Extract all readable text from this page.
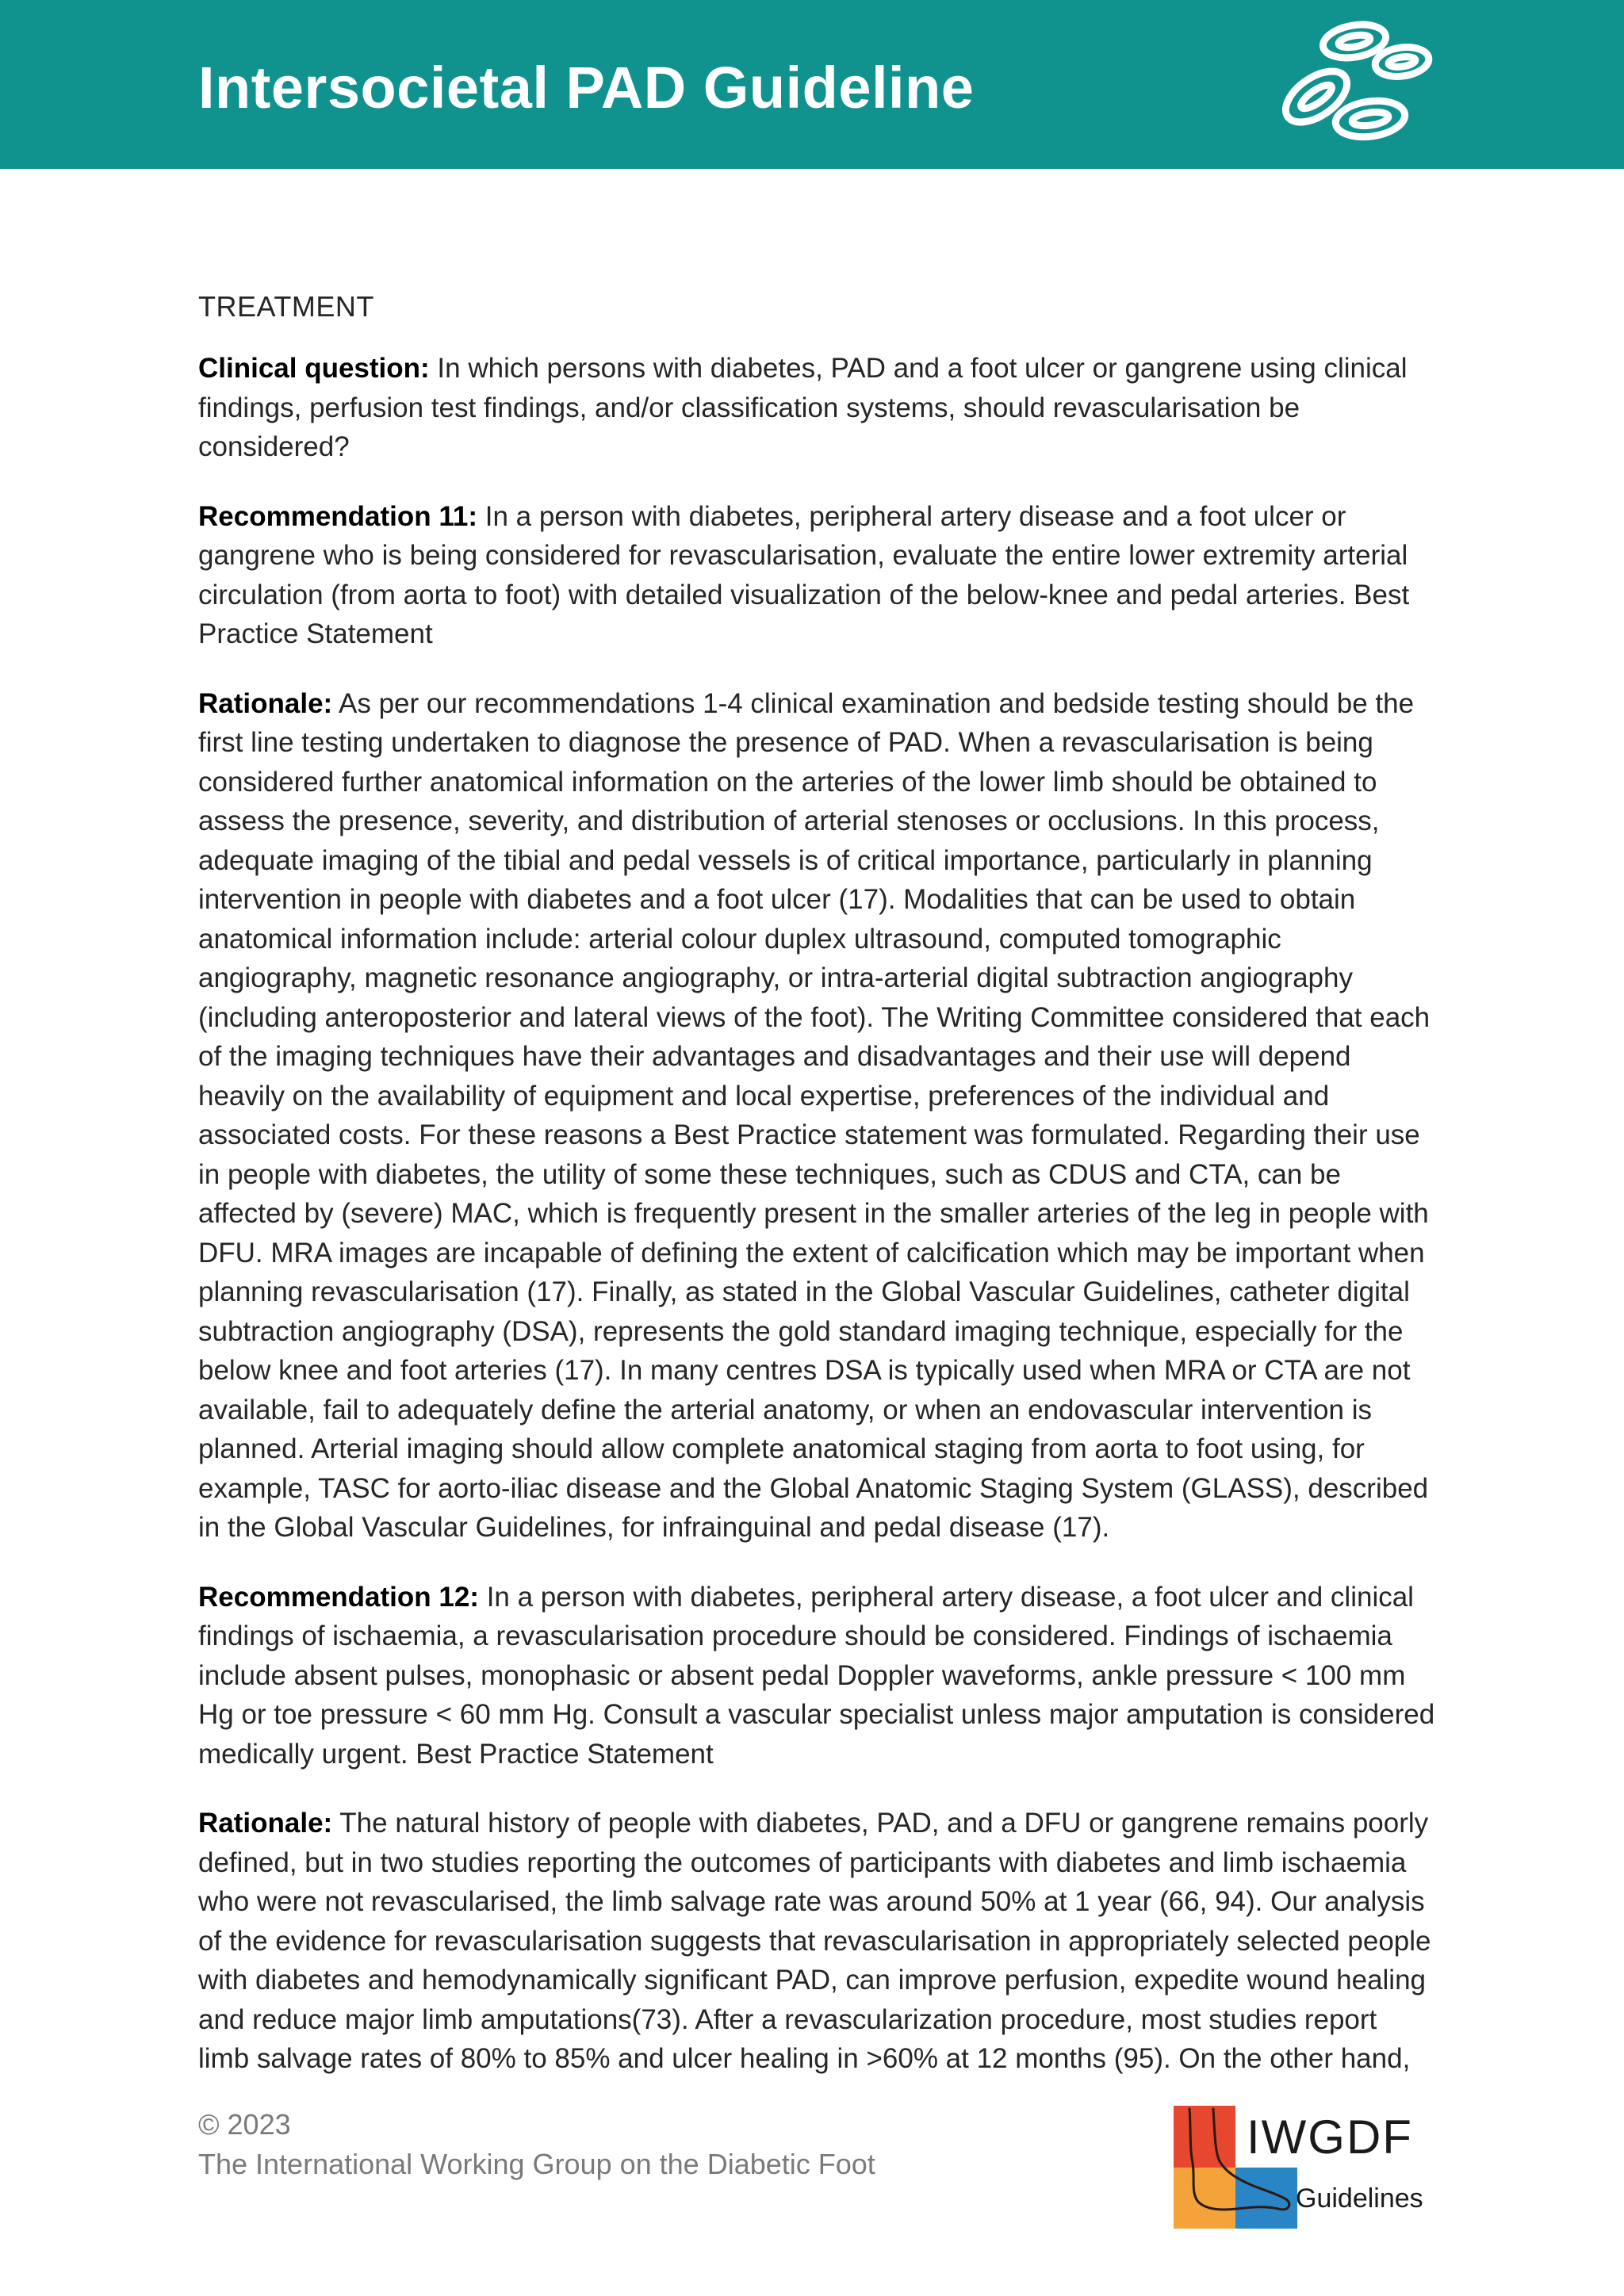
Intersocietal PAD Guideline
TREATMENT

Clinical question: In which persons with diabetes, PAD and a foot ulcer or gangrene using clinical findings, perfusion test findings, and/or classification systems, should revascularisation be considered?

Recommendation 11: In a person with diabetes, peripheral artery disease and a foot ulcer or gangrene who is being considered for revascularisation, evaluate the entire lower extremity arterial circulation (from aorta to foot) with detailed visualization of the below-knee and pedal arteries. Best Practice Statement

Rationale: As per our recommendations 1-4 clinical examination and bedside testing should be the first line testing undertaken to diagnose the presence of PAD. When a revascularisation is being considered further anatomical information on the arteries of the lower limb should be obtained to assess the presence, severity, and distribution of arterial stenoses or occlusions. In this process, adequate imaging of the tibial and pedal vessels is of critical importance, particularly in planning intervention in people with diabetes and a foot ulcer (17). Modalities that can be used to obtain anatomical information include: arterial colour duplex ultrasound, computed tomographic angiography, magnetic resonance angiography, or intra-arterial digital subtraction angiography (including anteroposterior and lateral views of the foot). The Writing Committee considered that each of the imaging techniques have their advantages and disadvantages and their use will depend heavily on the availability of equipment and local expertise, preferences of the individual and associated costs. For these reasons a Best Practice statement was formulated. Regarding their use in people with diabetes, the utility of some these techniques, such as CDUS and CTA, can be affected by (severe) MAC, which is frequently present in the smaller arteries of the leg in people with DFU. MRA images are incapable of defining the extent of calcification which may be important when planning revascularisation (17). Finally, as stated in the Global Vascular Guidelines, catheter digital subtraction angiography (DSA), represents the gold standard imaging technique, especially for the below knee and foot arteries (17). In many centres DSA is typically used when MRA or CTA are not available, fail to adequately define the arterial anatomy, or when an endovascular intervention is planned. Arterial imaging should allow complete anatomical staging from aorta to foot using, for example, TASC for aorto-iliac disease and the Global Anatomic Staging System (GLASS), described in the Global Vascular Guidelines, for infrainguinal and pedal disease (17).

Recommendation 12: In a person with diabetes, peripheral artery disease, a foot ulcer and clinical findings of ischaemia, a revascularisation procedure should be considered. Findings of ischaemia include absent pulses, monophasic or absent pedal Doppler waveforms, ankle pressure < 100 mm Hg or toe pressure < 60 mm Hg. Consult a vascular specialist unless major amputation is considered medically urgent. Best Practice Statement

Rationale: The natural history of people with diabetes, PAD, and a DFU or gangrene remains poorly defined, but in two studies reporting the outcomes of participants with diabetes and limb ischaemia who were not revascularised, the limb salvage rate was around 50% at 1 year (66, 94). Our analysis of the evidence for revascularisation suggests that revascularisation in appropriately selected people with diabetes and hemodynamically significant PAD, can improve perfusion, expedite wound healing and reduce major limb amputations(73). After a revascularization procedure, most studies report limb salvage rates of 80% to 85% and ulcer healing in >60% at 12 months (95). On the other hand,

© 2023
The International Working Group on the Diabetic Foot
IWGDF
Guidelines
